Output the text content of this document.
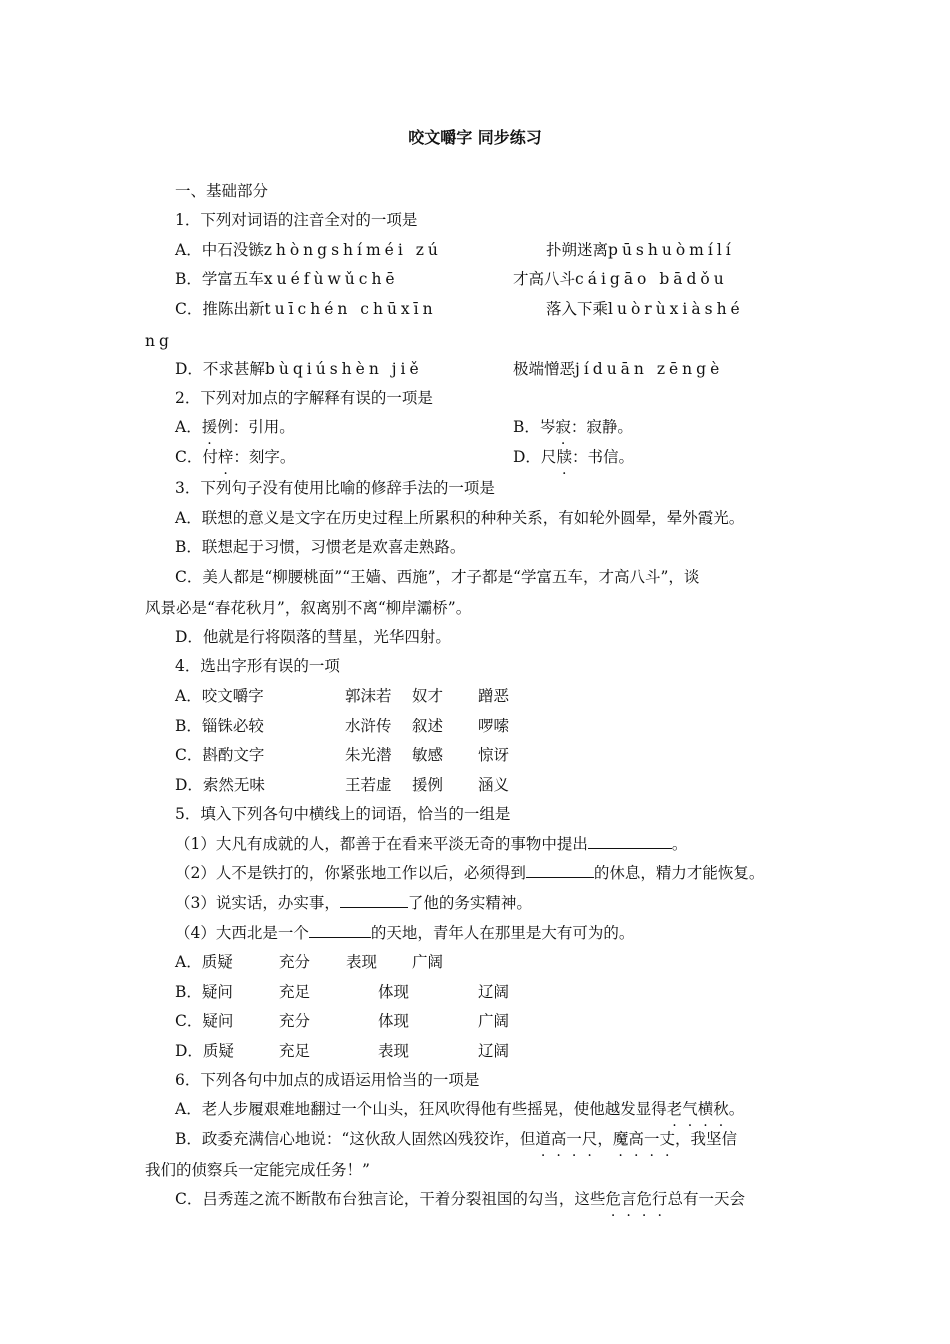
咬文嚼字 同步练习
一、基础部分
1．下列对词语的注音全对的一项是
A．中石没镞zhòngshíméi zú	扑朔迷离pūshuòmílí
B．学富五车xuéfùwǔchē	才高八斗cáigāo bādǒu
C．推陈出新tuīchén chūxīn	落入下乘luòrùxiàshé
ng
D．不求甚解bùqiúshèn jiě	极端憎恶jíduān zēngè
2．下列对加点的字解释有误的一项是
A．援例：引用。	B．岑寂：寂静。
C．付梓：刻字。	D．尺牍：书信。
3．下列句子没有使用比喻的修辞手法的一项是
A．联想的意义是文字在历史过程上所累积的种种关系，有如轮外圆晕，晕外霞光。
B．联想起于习惯，习惯老是欢喜走熟路。
C．美人都是“柳腰桃面”“王嫱、西施”，才子都是“学富五车，才高八斗”，谈
风景必是“春花秋月”，叙离别不离“柳岸灞桥”。
D．他就是行将陨落的彗星，光华四射。
4．选出字形有误的一项
A．咬文嚼字	郭沫若 奴才 蹭恶
B．锱铢必较	水浒传 叙述 啰嗦
C．斟酌文字	朱光潜 敏感 惊讶
D．索然无味	王若虚 援例 涵义
5．填入下列各句中横线上的词语，恰当的一组是
（1）大凡有成就的人，都善于在看来平淡无奇的事物中提出	。
（2）人不是铁打的，你紧张地工作以后，必须得到	的休息，精力才能恢复。
（3）说实话，办实事，	了他的务实精神。
（4）大西北是一个	的天地，青年人在那里是大有可为的。
A．质疑	充分 表现 广阔
B．疑问	充足	体现	辽阔
C．疑问	充分	体现	广阔
D．质疑	充足	表现	辽阔
6．下列各句中加点的成语运用恰当的一项是
A．老人步履艰难地翻过一个山头，狂风吹得他有些摇晃，使他越发显得老气横秋。
B．政委充满信心地说：“这伙敌人固然凶残狡诈，但道高一尺，魔高一丈，我坚信
我们的侦察兵一定能完成任务！”
C．吕秀莲之流不断散布台独言论，干着分裂祖国的勾当，这些危言危行总有一天会
